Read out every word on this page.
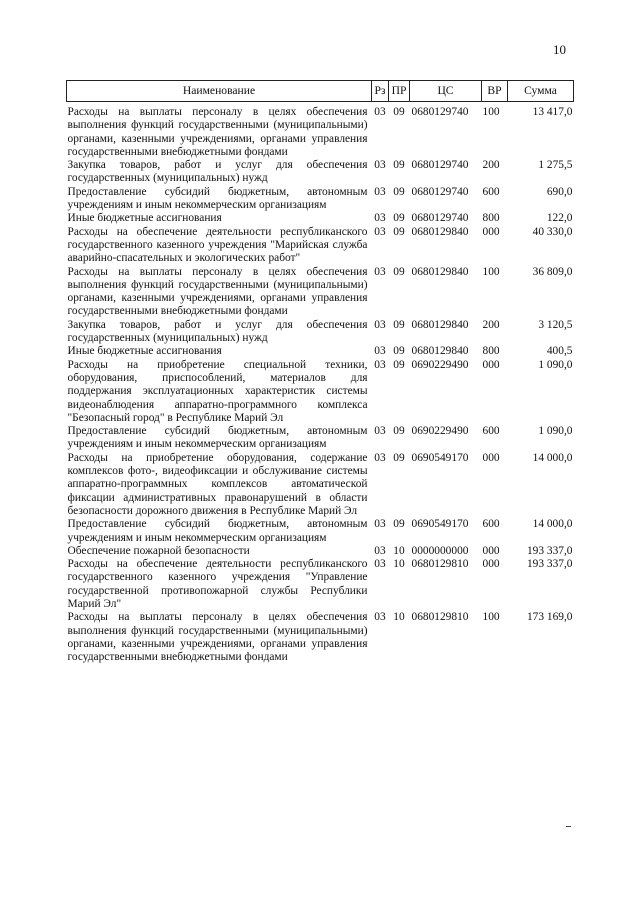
10
Наименование	Рз	ПР	ЦС	ВР	Сумма
Расходы на выплаты персоналу в целях обеспечения выполнения функций государственными (муниципальными) органами, казенными учреждениями, органами управления государственными внебюджетными фондами	03	09	0680129740	100	13 417,0
Закупка товаров, работ и услуг для обеспечения государственных (муниципальных) нужд	03	09	0680129740	200	1 275,5
Предоставление субсидий бюджетным, автономным учреждениям и иным некоммерческим организациям	03	09	0680129740	600	690,0
Иные бюджетные ассигнования	03	09	0680129740	800	122,0
Расходы на обеспечение деятельности республиканского государственного казенного учреждения "Марийская служба аварийно-спасательных и экологических работ"	03	09	0680129840	000	40 330,0
Расходы на выплаты персоналу в целях обеспечения выполнения функций государственными (муниципальными) органами, казенными учреждениями, органами управления государственными внебюджетными фондами	03	09	0680129840	100	36 809,0
Закупка товаров, работ и услуг для обеспечения государственных (муниципальных) нужд	03	09	0680129840	200	3 120,5
Иные бюджетные ассигнования	03	09	0680129840	800	400,5
Расходы на приобретение специальной техники, оборудования, приспособлений, материалов для поддержания эксплуатационных характеристик системы видеонаблюдения аппаратно-программного комплекса "Безопасный город" в Республике Марий Эл	03	09	0690229490	000	1 090,0
Предоставление субсидий бюджетным, автономным учреждениям и иным некоммерческим организациям	03	09	0690229490	600	1 090,0
Расходы на приобретение оборудования, содержание комплексов фото-, видеофиксации и обслуживание системы аппаратно-программных комплексов автоматической фиксации административных правонарушений в области безопасности дорожного движения в Республике Марий Эл	03	09	0690549170	000	14 000,0
Предоставление субсидий бюджетным, автономным учреждениям и иным некоммерческим организациям	03	09	0690549170	600	14 000,0
Обеспечение пожарной безопасности	03	10	0000000000	000	193 337,0
Расходы на обеспечение деятельности республиканского государственного казенного учреждения "Управление государственной противопожарной службы Республики Марий Эл"	03	10	0680129810	000	193 337,0
Расходы на выплаты персоналу в целях обеспечения выполнения функций государственными (муниципальными) органами, казенными учреждениями, органами управления государственными внебюджетными фондами	03	10	0680129810	100	173 169,0
